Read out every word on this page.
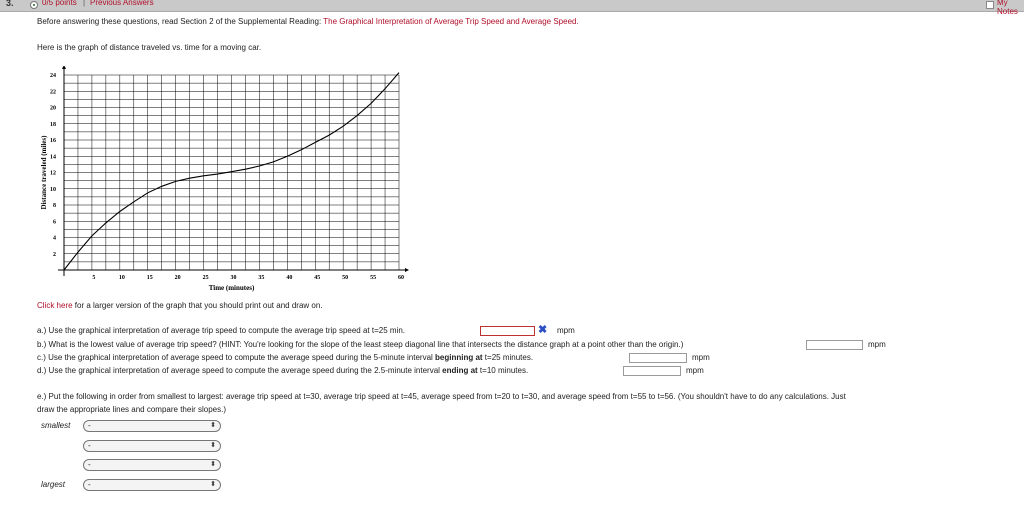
3.	0/5 points | Previous Answers	My Notes
Before answering these questions, read Section 2 of the Supplemental Reading: The Graphical Interpretation of Average Trip Speed and Average Speed.
Here is the graph of distance traveled vs. time for a moving car.
5	10	15	20	25	30	35	40	45	50	55	60
2
4
6
8
10
12
14
16
18
20
22
24
Time (minutes)
Distance traveled (miles)
Click here for a larger version of the graph that you should print out and draw on.
a.) Use the graphical interpretation of average trip speed to compute the average trip speed at t=25 min.	✖ mpm
b.) What is the lowest value of average trip speed? (HINT: You're looking for the slope of the least steep diagonal line that intersects the distance graph at a point other than the origin.)	mpm
c.) Use the graphical interpretation of average speed to compute the average speed during the 5-minute interval beginning at t=25 minutes.	mpm
d.) Use the graphical interpretation of average speed to compute the average speed during the 2.5-minute interval ending at t=10 minutes.	mpm
e.) Put the following in order from smallest to largest: average trip speed at t=30, average trip speed at t=45, average speed from t=20 to t=30, and average speed from t=55 to t=56. (You shouldn't have to do any calculations. Just
draw the appropriate lines and compare their slopes.)
smallest	-	⬍
-	⬍
-	⬍
largest	-	⬍
